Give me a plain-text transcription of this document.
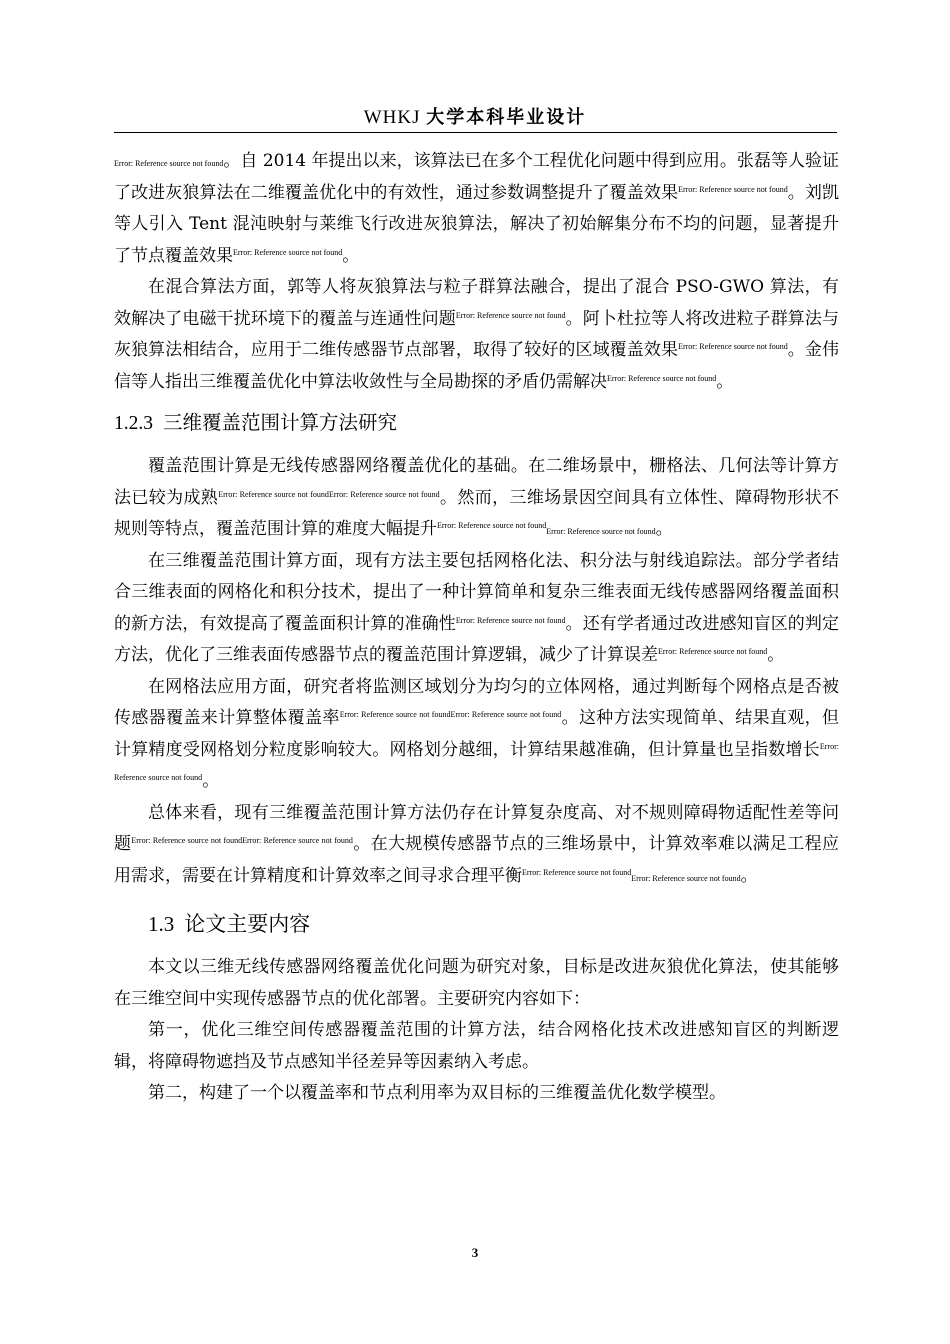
WHKJ 大学本科毕业设计

Error: Reference source not found。自 2014 年提出以来，该算法已在多个工程优化问题中得到应用。张磊等人验证了改进灰狼算法在二维覆盖优化中的有效性，通过参数调整提升了覆盖效果$^{Error: Reference source not found}$。刘凯等人引入 Tent 混沌映射与莱维飞行改进灰狼算法，解决了初始解集分布不均的问题，显著提升了节点覆盖效果$^{Error: Reference source not found}$。

在混合算法方面，郭等人将灰狼算法与粒子群算法融合，提出了混合 PSO-GWO 算法，有效解决了电磁干扰环境下的覆盖与连通性问题$^{Error: Reference source not found}$。阿卜杜拉等人将改进粒子群算法与灰狼算法相结合，应用于二维传感器节点部署，取得了较好的区域覆盖效果$^{Error: Reference source not found}$。金伟信等人指出三维覆盖优化中算法收敛性与全局勘探的矛盾仍需解决$^{Error: Reference source not found}$。

1.2.3 三维覆盖范围计算方法研究

覆盖范围计算是无线传感器网络覆盖优化的基础。在二维场景中，栅格法、几何法等计算方法已较为成熟$^{Error: Reference source not foundError: Reference source not found}$。然而，三维场景因空间具有立体性、障碍物形状不规则等特点，覆盖范围计算的难度大幅提升$^{Error: Reference source not found}$Error: Reference source not found。

在三维覆盖范围计算方面，现有方法主要包括网格化法、积分法与射线追踪法。部分学者结合三维表面的网格化和积分技术，提出了一种计算简单和复杂三维表面无线传感器网络覆盖面积的新方法，有效提高了覆盖面积计算的准确性$^{Error: Reference source not found}$。还有学者通过改进感知盲区的判定方法，优化了三维表面传感器节点的覆盖范围计算逻辑，减少了计算误差$^{Error: Reference source not found}$。

在网格法应用方面，研究者将监测区域划分为均匀的立体网格，通过判断每个网格点是否被传感器覆盖来计算整体覆盖率$^{Error: Reference source not foundError: Reference source not found}$。这种方法实现简单、结果直观，但计算精度受网格划分粒度影响较大。网格划分越细，计算结果越准确，但计算量也呈指数增长$^{Error: Reference source not found}$。

总体来看，现有三维覆盖范围计算方法仍存在计算复杂度高、对不规则障碍物适配性差等问题$^{Error: Reference source not foundError: Reference source not found}$。在大规模传感器节点的三维场景中，计算效率难以满足工程应用需求，需要在计算精度和计算效率之间寻求合理平衡$^{Error: Reference source not found}$Error: Reference source not found。

1.3 论文主要内容

本文以三维无线传感器网络覆盖优化问题为研究对象，目标是改进灰狼优化算法，使其能够在三维空间中实现传感器节点的优化部署。主要研究内容如下：

第一，优化三维空间传感器覆盖范围的计算方法，结合网格化技术改进感知盲区的判断逻辑，将障碍物遮挡及节点感知半径差异等因素纳入考虑。

第二，构建了一个以覆盖率和节点利用率为双目标的三维覆盖优化数学模型。

3
